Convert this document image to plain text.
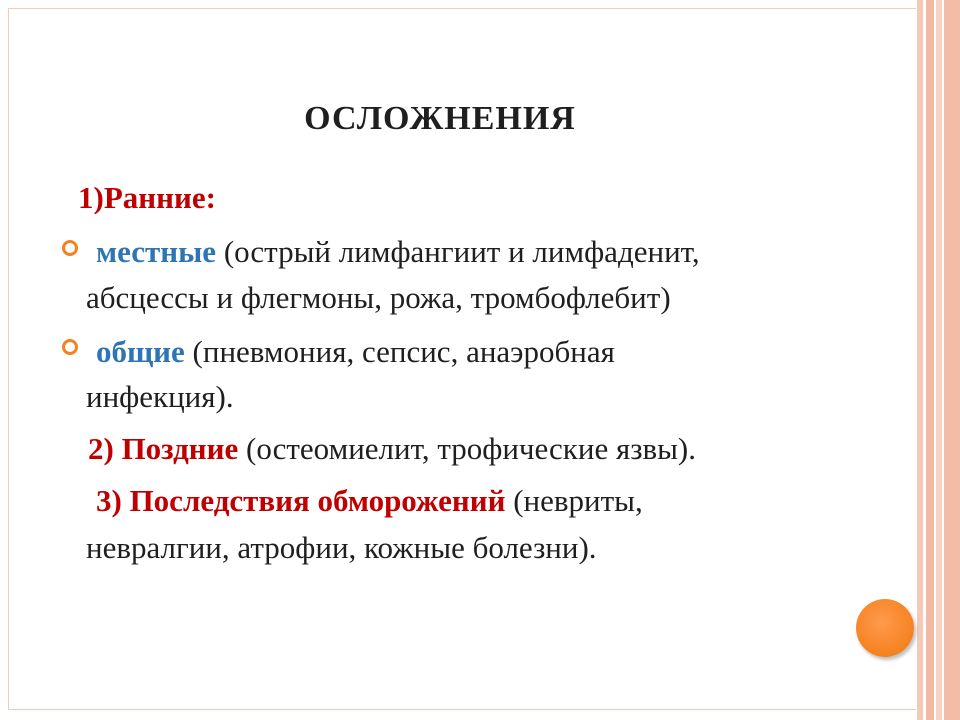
ОСЛОЖНЕНИЯ
1)Ранние:
местные (острый лимфангиит и лимфаденит,
абсцессы и флегмоны, рожа, тромбофлебит)
общие (пневмония, сепсис, анаэробная
инфекция).
2) Поздние (остеомиелит, трофические язвы).
3) Последствия обморожений (невриты,
невралгии, атрофии, кожные болезни).
